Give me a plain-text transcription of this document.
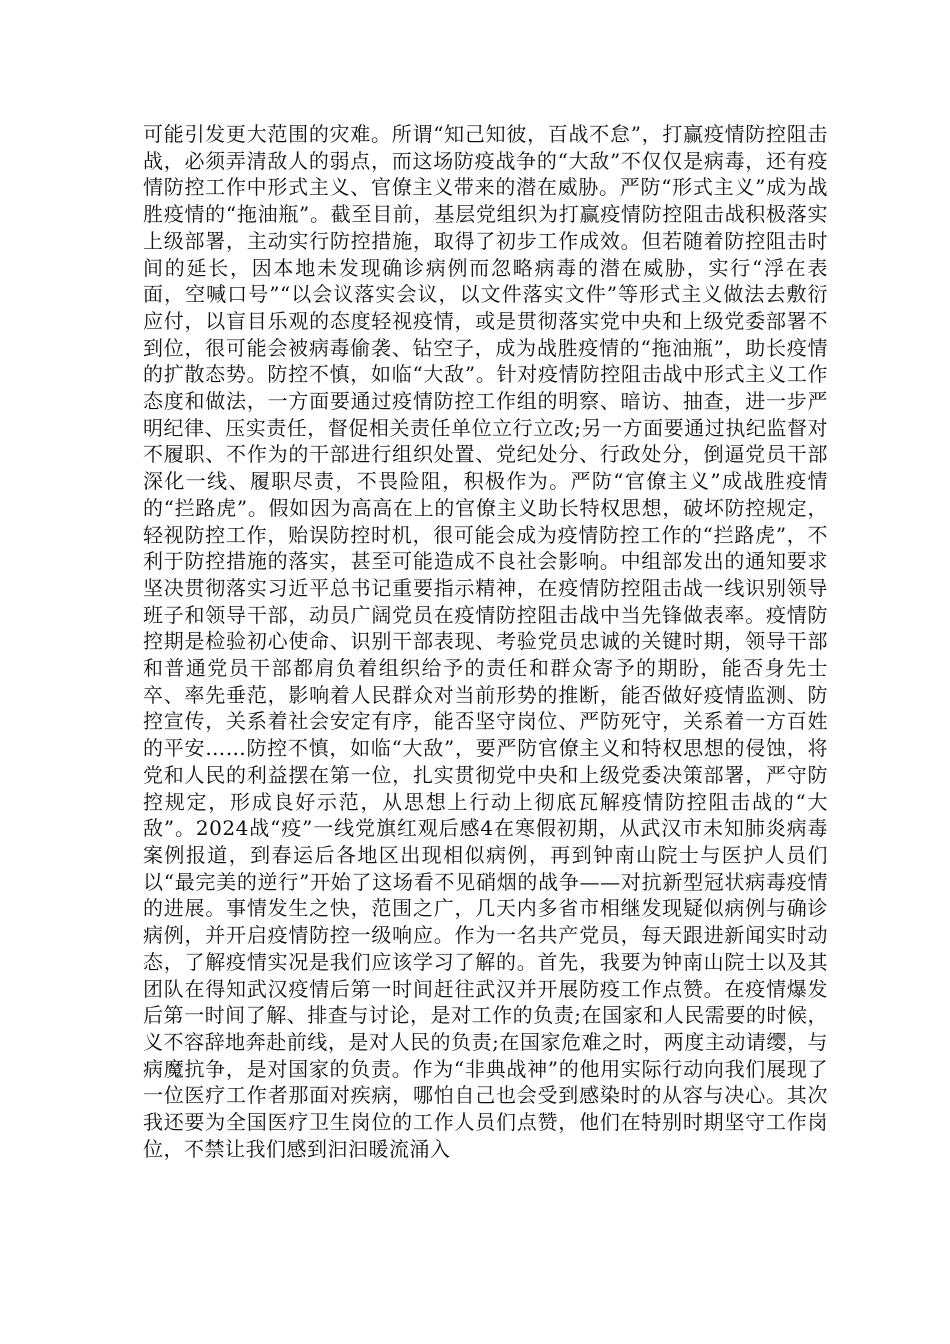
可能引发更大范围的灾难。所谓“知己知彼，百战不怠”，打赢疫情防控阻击战，必须弄清敌人的弱点，而这场防疫战争的“大敌”不仅仅是病毒，还有疫情防控工作中形式主义、官僚主义带来的潜在威胁。严防“形式主义”成为战胜疫情的“拖油瓶”。截至目前，基层党组织为打赢疫情防控阻击战积极落实上级部署，主动实行防控措施，取得了初步工作成效。但若随着防控阻击时间的延长，因本地未发现确诊病例而忽略病毒的潜在威胁，实行“浮在表面，空喊口号”“以会议落实会议，以文件落实文件”等形式主义做法去敷衍应付，以盲目乐观的态度轻视疫情，或是贯彻落实党中央和上级党委部署不到位，很可能会被病毒偷袭、钻空子，成为战胜疫情的“拖油瓶”，助长疫情的扩散态势。防控不慎，如临“大敌”。针对疫情防控阻击战中形式主义工作态度和做法，一方面要通过疫情防控工作组的明察、暗访、抽查，进一步严明纪律、压实责任，督促相关责任单位立行立改;另一方面要通过执纪监督对不履职、不作为的干部进行组织处置、党纪处分、行政处分，倒逼党员干部深化一线、履职尽责，不畏险阻，积极作为。严防“官僚主义”成战胜疫情的“拦路虎”。假如因为高高在上的官僚主义助长特权思想，破坏防控规定，轻视防控工作，贻误防控时机，很可能会成为疫情防控工作的“拦路虎”，不利于防控措施的落实，甚至可能造成不良社会影响。中组部发出的通知要求坚决贯彻落实习近平总书记重要指示精神，在疫情防控阻击战一线识别领导班子和领导干部，动员广阔党员在疫情防控阻击战中当先锋做表率。疫情防控期是检验初心使命、识别干部表现、考验党员忠诚的关键时期，领导干部和普通党员干部都肩负着组织给予的责任和群众寄予的期盼，能否身先士卒、率先垂范，影响着人民群众对当前形势的推断，能否做好疫情监测、防控宣传，关系着社会安定有序，能否坚守岗位、严防死守，关系着一方百姓的平安……防控不慎，如临“大敌”，要严防官僚主义和特权思想的侵蚀，将党和人民的利益摆在第一位，扎实贯彻党中央和上级党委决策部署，严守防控规定，形成良好示范，从思想上行动上彻底瓦解疫情防控阻击战的“大敌”。2024战“疫”一线党旗红观后感4在寒假初期，从武汉市未知肺炎病毒案例报道，到春运后各地区出现相似病例，再到钟南山院士与医护人员们以“最完美的逆行”开始了这场看不见硝烟的战争——对抗新型冠状病毒疫情的进展。事情发生之快，范围之广，几天内多省市相继发现疑似病例与确诊病例，并开启疫情防控一级响应。作为一名共产党员，每天跟进新闻实时动态，了解疫情实况是我们应该学习了解的。首先，我要为钟南山院士以及其团队在得知武汉疫情后第一时间赶往武汉并开展防疫工作点赞。在疫情爆发后第一时间了解、排查与讨论，是对工作的负责;在国家和人民需要的时候，义不容辞地奔赴前线，是对人民的负责;在国家危难之时，两度主动请缨，与病魔抗争，是对国家的负责。作为“非典战神”的他用实际行动向我们展现了一位医疗工作者那面对疾病，哪怕自己也会受到感染时的从容与决心。其次我还要为全国医疗卫生岗位的工作人员们点赞，他们在特别时期坚守工作岗位，不禁让我们感到汩汩暖流涌入
